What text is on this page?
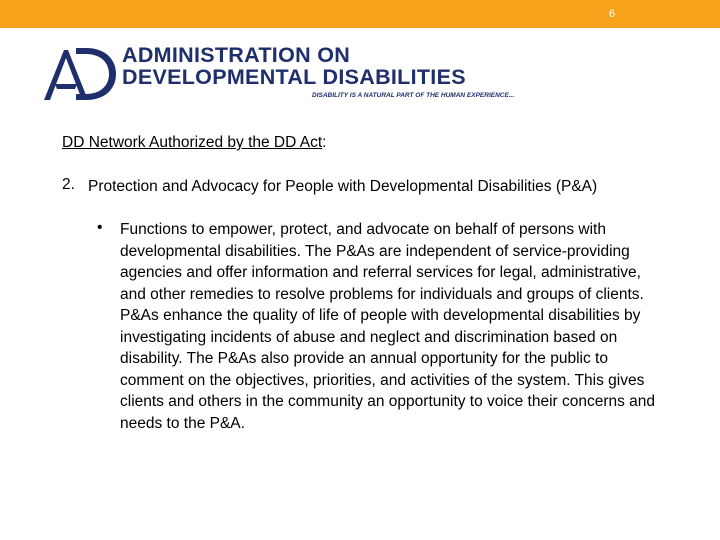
6
ADMINISTRATION ON
DEVELOPMENTAL DISABILITIES
DISABILITY IS A NATURAL PART OF THE HUMAN EXPERIENCE...
DD Network Authorized by the DD Act:
2. Protection and Advocacy for People with Developmental Disabilities (P&A)
• Functions to empower, protect, and advocate on behalf of persons with developmental disabilities. The P&As are independent of service-providing agencies and offer information and referral services for legal, administrative, and other remedies to resolve problems for individuals and groups of clients. P&As enhance the quality of life of people with developmental disabilities by investigating incidents of abuse and neglect and discrimination based on disability. The P&As also provide an annual opportunity for the public to comment on the objectives, priorities, and activities of the system. This gives clients and others in the community an opportunity to voice their concerns and needs to the P&A.
